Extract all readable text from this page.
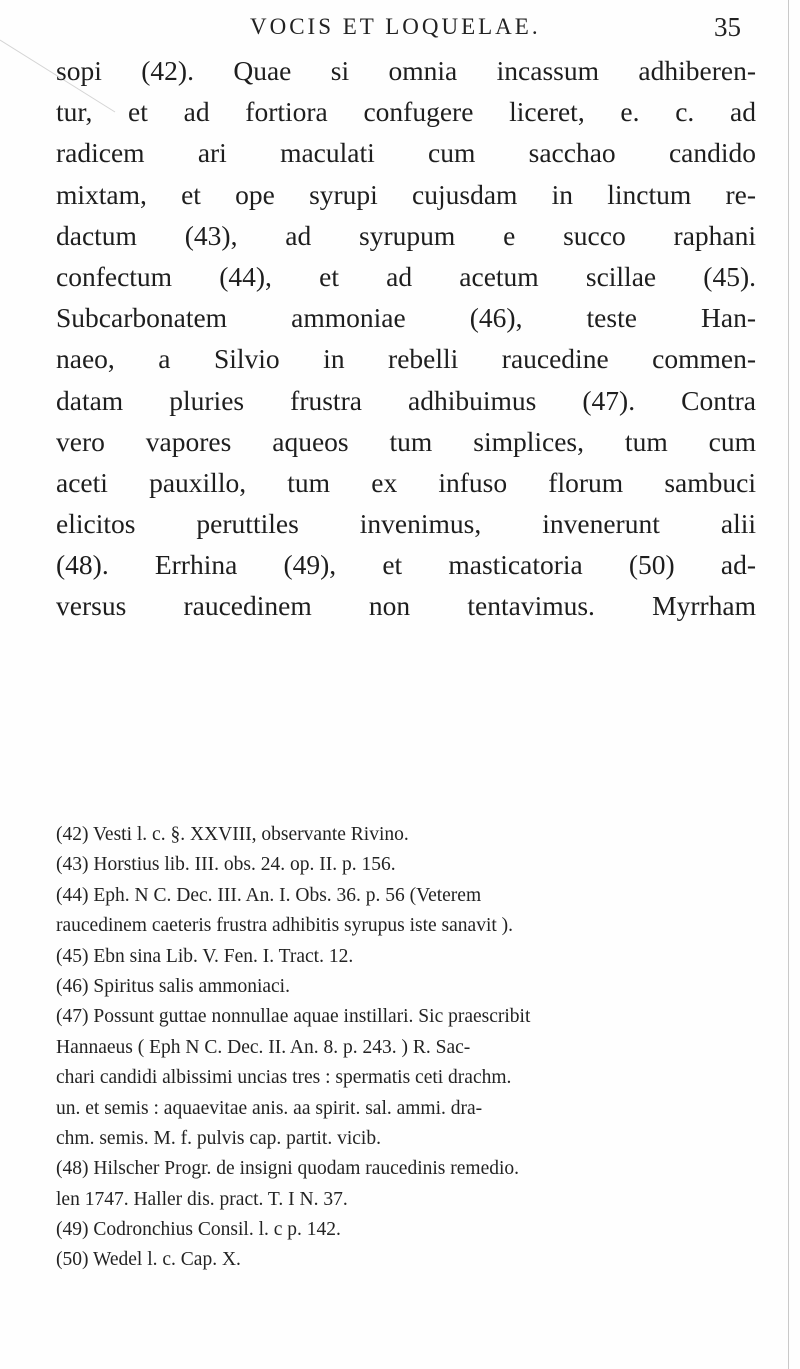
VOCIS ET LOQUELAE.	35
sopi (42). Quae si omnia incassum adhiberen-
tur, et ad fortiora confugere liceret, e. c. ad
radicem ari maculati cum sacchao candido
mixtam, et ope syrupi cujusdam in linctum re-
dactum (43), ad syrupum e succo raphani
confectum (44), et ad acetum scillae (45).
Subcarbonatem ammoniae (46), teste Han-
naeo, a Silvio in rebelli raucedine commen-
datam pluries frustra adhibuimus (47). Contra
vero vapores aqueos tum simplices, tum cum
aceti pauxillo, tum ex infuso florum sambuci
elicitos peruttiles invenimus, invenerunt alii
(48). Errhina (49), et masticatoria (50) ad-
versus raucedinem non tentavimus. Myrrham
(42) Vesti l. c. §. XXVIII, observante Rivino.
(43) Horstius lib. III. obs. 24. op. II. p. 156.
(44) Eph. N C. Dec. III. An. I. Obs. 36. p. 56 (Veterem
raucedinem caeteris frustra adhibitis syrupus iste sanavit ).
(45) Ebn sina Lib. V. Fen. I. Tract. 12.
(46) Spiritus salis ammoniaci.
(47) Possunt guttae nonnullae aquae instillari. Sic praescribit
Hannaeus ( Eph N C. Dec. II. An. 8. p. 243. ) R. Sac-
chari candidi albissimi uncias tres : spermatis ceti drachm.
un. et semis : aquaevitae anis. aa spirit. sal. ammi. dra-
chm. semis. M. f. pulvis cap. partit. vicib.
(48) Hilscher Progr. de insigni quodam raucedinis remedio.
len 1747. Haller dis. pract. T. I N. 37.
(49) Codronchius Consil. l. c p. 142.
(50) Wedel l. c. Cap. X.
